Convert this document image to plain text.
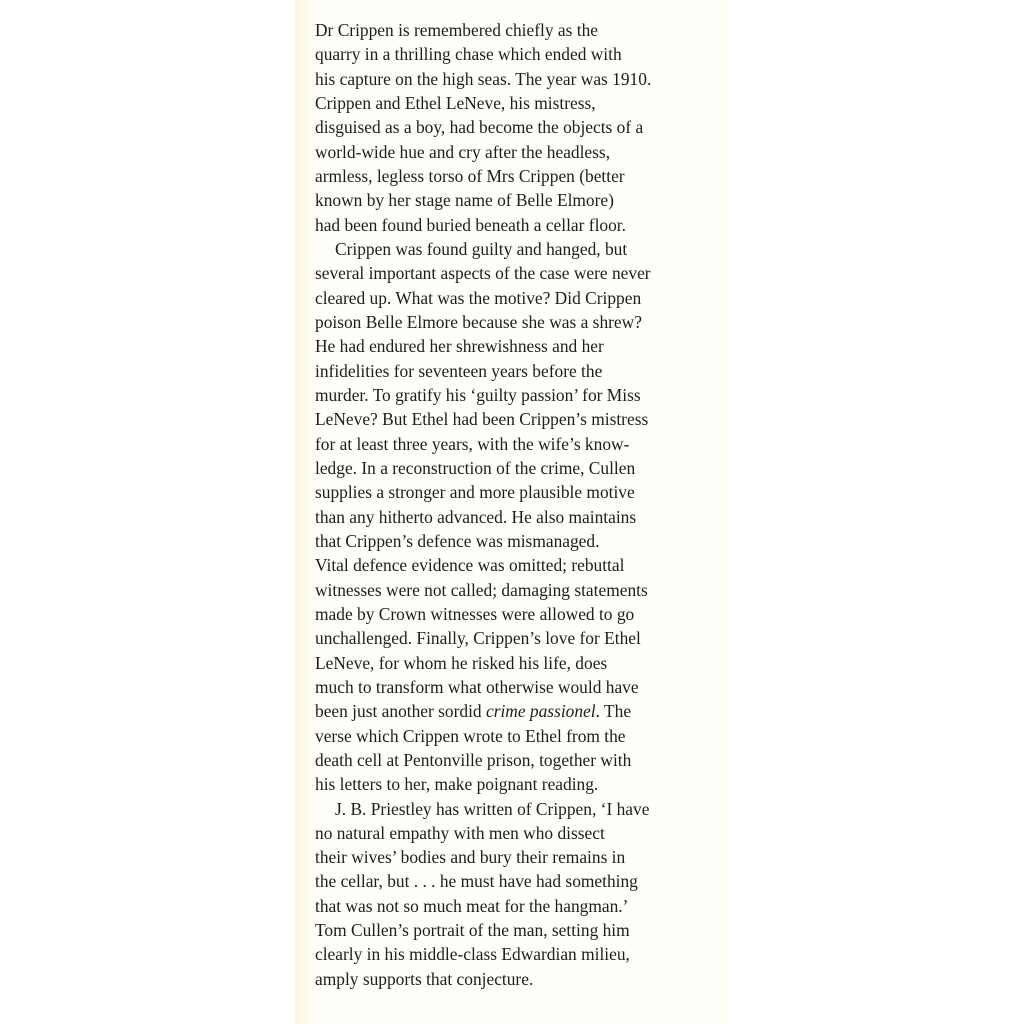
Dr Crippen is remembered chiefly as the
quarry in a thrilling chase which ended with
his capture on the high seas. The year was 1910.
Crippen and Ethel LeNeve, his mistress,
disguised as a boy, had become the objects of a
world-wide hue and cry after the headless,
armless, legless torso of Mrs Crippen (better
known by her stage name of Belle Elmore)
had been found buried beneath a cellar floor.
Crippen was found guilty and hanged, but
several important aspects of the case were never
cleared up. What was the motive? Did Crippen
poison Belle Elmore because she was a shrew?
He had endured her shrewishness and her
infidelities for seventeen years before the
murder. To gratify his ‘guilty passion’ for Miss
LeNeve? But Ethel had been Crippen’s mistress
for at least three years, with the wife’s know-
ledge. In a reconstruction of the crime, Cullen
supplies a stronger and more plausible motive
than any hitherto advanced. He also maintains
that Crippen’s defence was mismanaged.
Vital defence evidence was omitted; rebuttal
witnesses were not called; damaging statements
made by Crown witnesses were allowed to go
unchallenged. Finally, Crippen’s love for Ethel
LeNeve, for whom he risked his life, does
much to transform what otherwise would have
been just another sordid crime passionel. The
verse which Crippen wrote to Ethel from the
death cell at Pentonville prison, together with
his letters to her, make poignant reading.
J. B. Priestley has written of Crippen, ‘I have
no natural empathy with men who dissect
their wives’ bodies and bury their remains in
the cellar, but . . . he must have had something
that was not so much meat for the hangman.’
Tom Cullen’s portrait of the man, setting him
clearly in his middle-class Edwardian milieu,
amply supports that conjecture.
